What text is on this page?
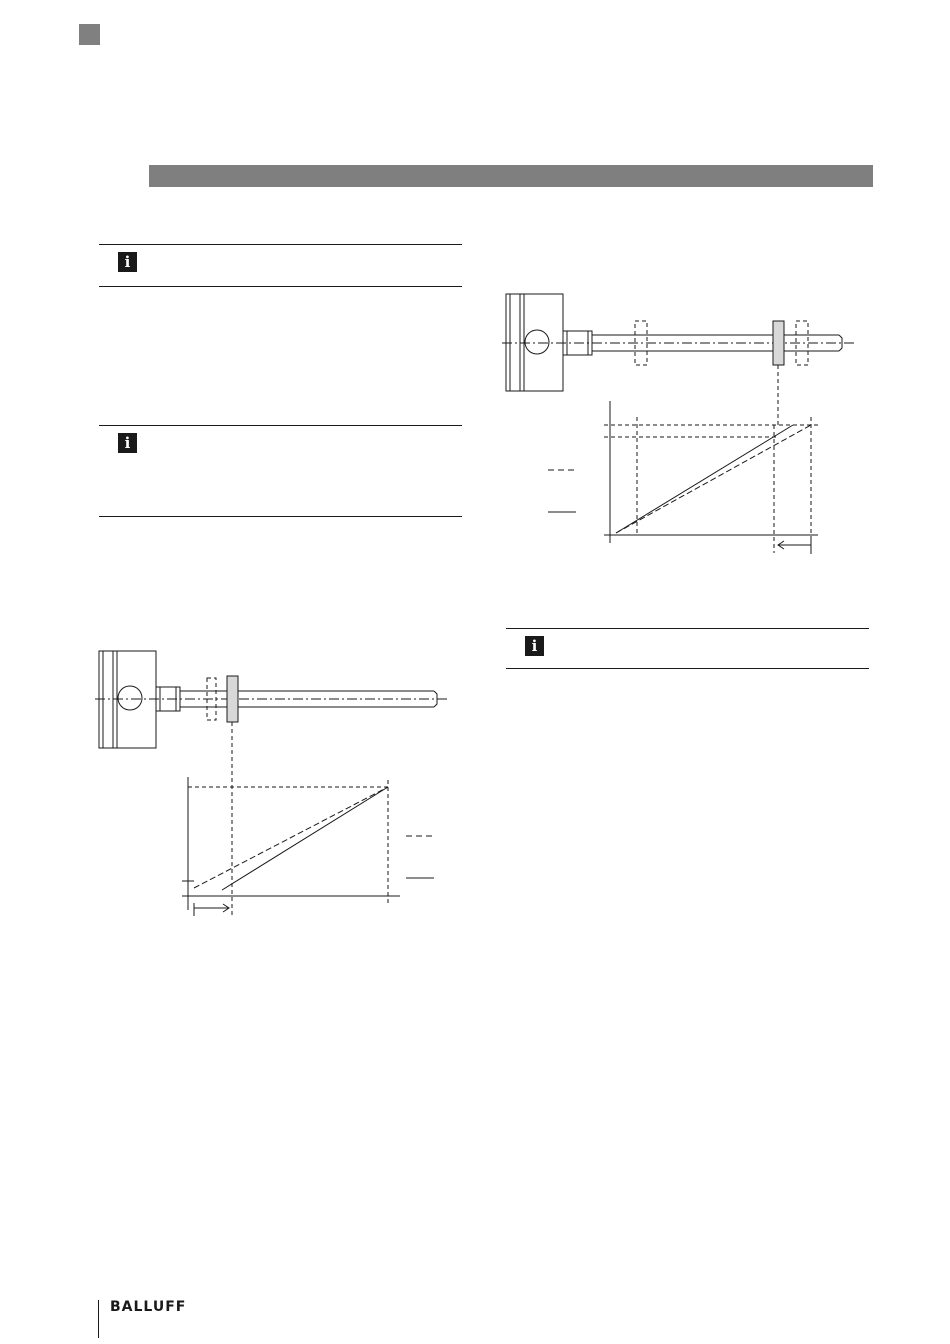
i
i
i
BALLUFF
